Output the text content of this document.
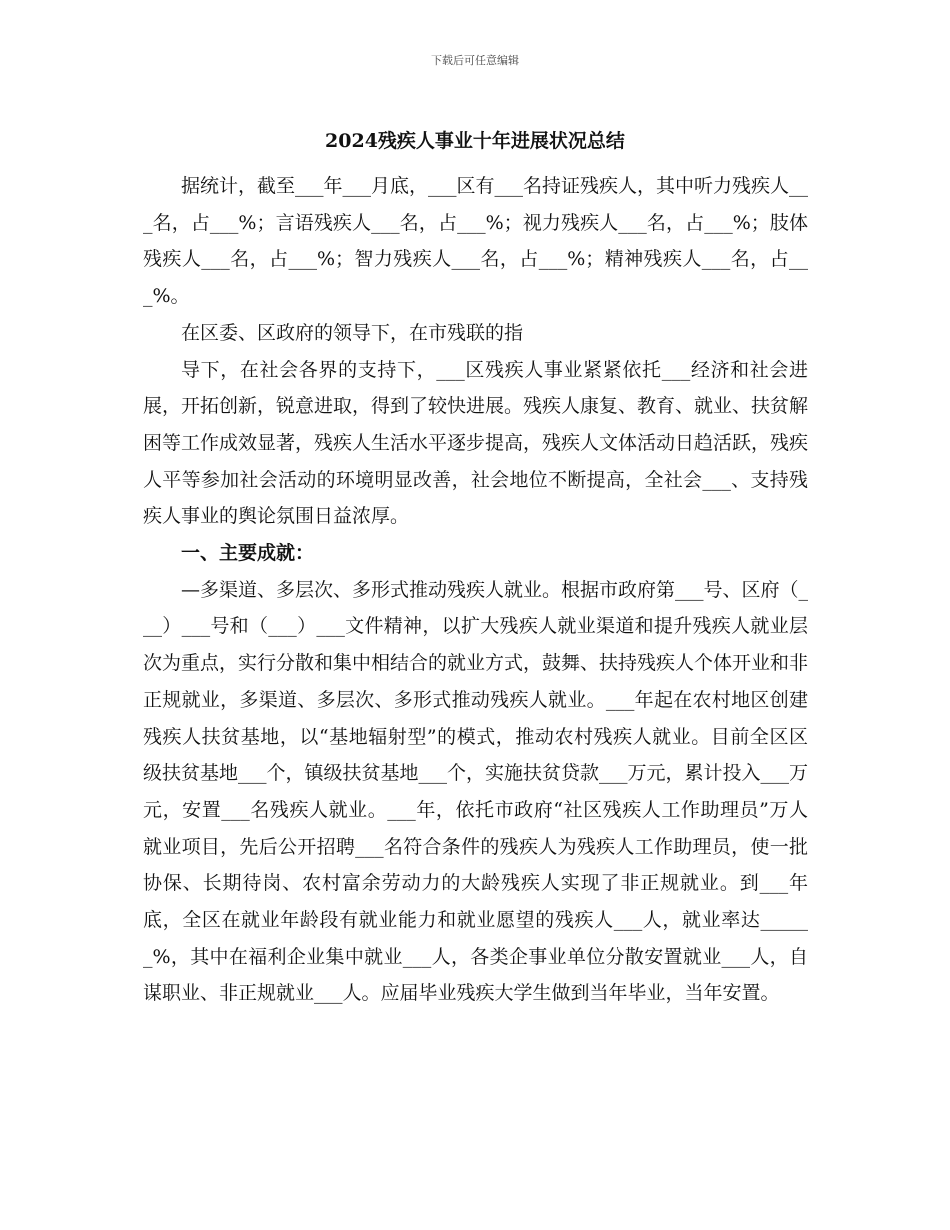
下载后可任意编辑
2024残疾人事业十年进展状况总结

据统计，截至___年___月底，___区有___名持证残疾人，其中听力残疾人___名，占___%；言语残疾人___名，占___%；视力残疾人___名，占___%；肢体残疾人___名，占___%；智力残疾人___名，占___%；精神残疾人___名，占___%。

在区委、区政府的领导下，在市残联的指

导下，在社会各界的支持下，___区残疾人事业紧紧依托___经济和社会进展，开拓创新，锐意进取，得到了较快进展。残疾人康复、教育、就业、扶贫解困等工作成效显著，残疾人生活水平逐步提高，残疾人文体活动日趋活跃，残疾人平等参加社会活动的环境明显改善，社会地位不断提高，全社会___、支持残疾人事业的舆论氛围日益浓厚。

一、主要成就：

—多渠道、多层次、多形式推动残疾人就业。根据市政府第___号、区府（___）___号和（___）___文件精神，以扩大残疾人就业渠道和提升残疾人就业层次为重点，实行分散和集中相结合的就业方式，鼓舞、扶持残疾人个体开业和非正规就业，多渠道、多层次、多形式推动残疾人就业。___年起在农村地区创建残疾人扶贫基地，以“基地辐射型”的模式，推动农村残疾人就业。目前全区区级扶贫基地___个，镇级扶贫基地___个，实施扶贫贷款___万元，累计投入___万元，安置___名残疾人就业。___年，依托市政府“社区残疾人工作助理员”万人就业项目，先后公开招聘___名符合条件的残疾人为残疾人工作助理员，使一批协保、长期待岗、农村富余劳动力的大龄残疾人实现了非正规就业。到___年底，全区在就业年龄段有就业能力和就业愿望的残疾人___人，就业率达______%，其中在福利企业集中就业___人，各类企事业单位分散安置就业___人，自谋职业、非正规就业___人。应届毕业残疾大学生做到当年毕业，当年安置。
